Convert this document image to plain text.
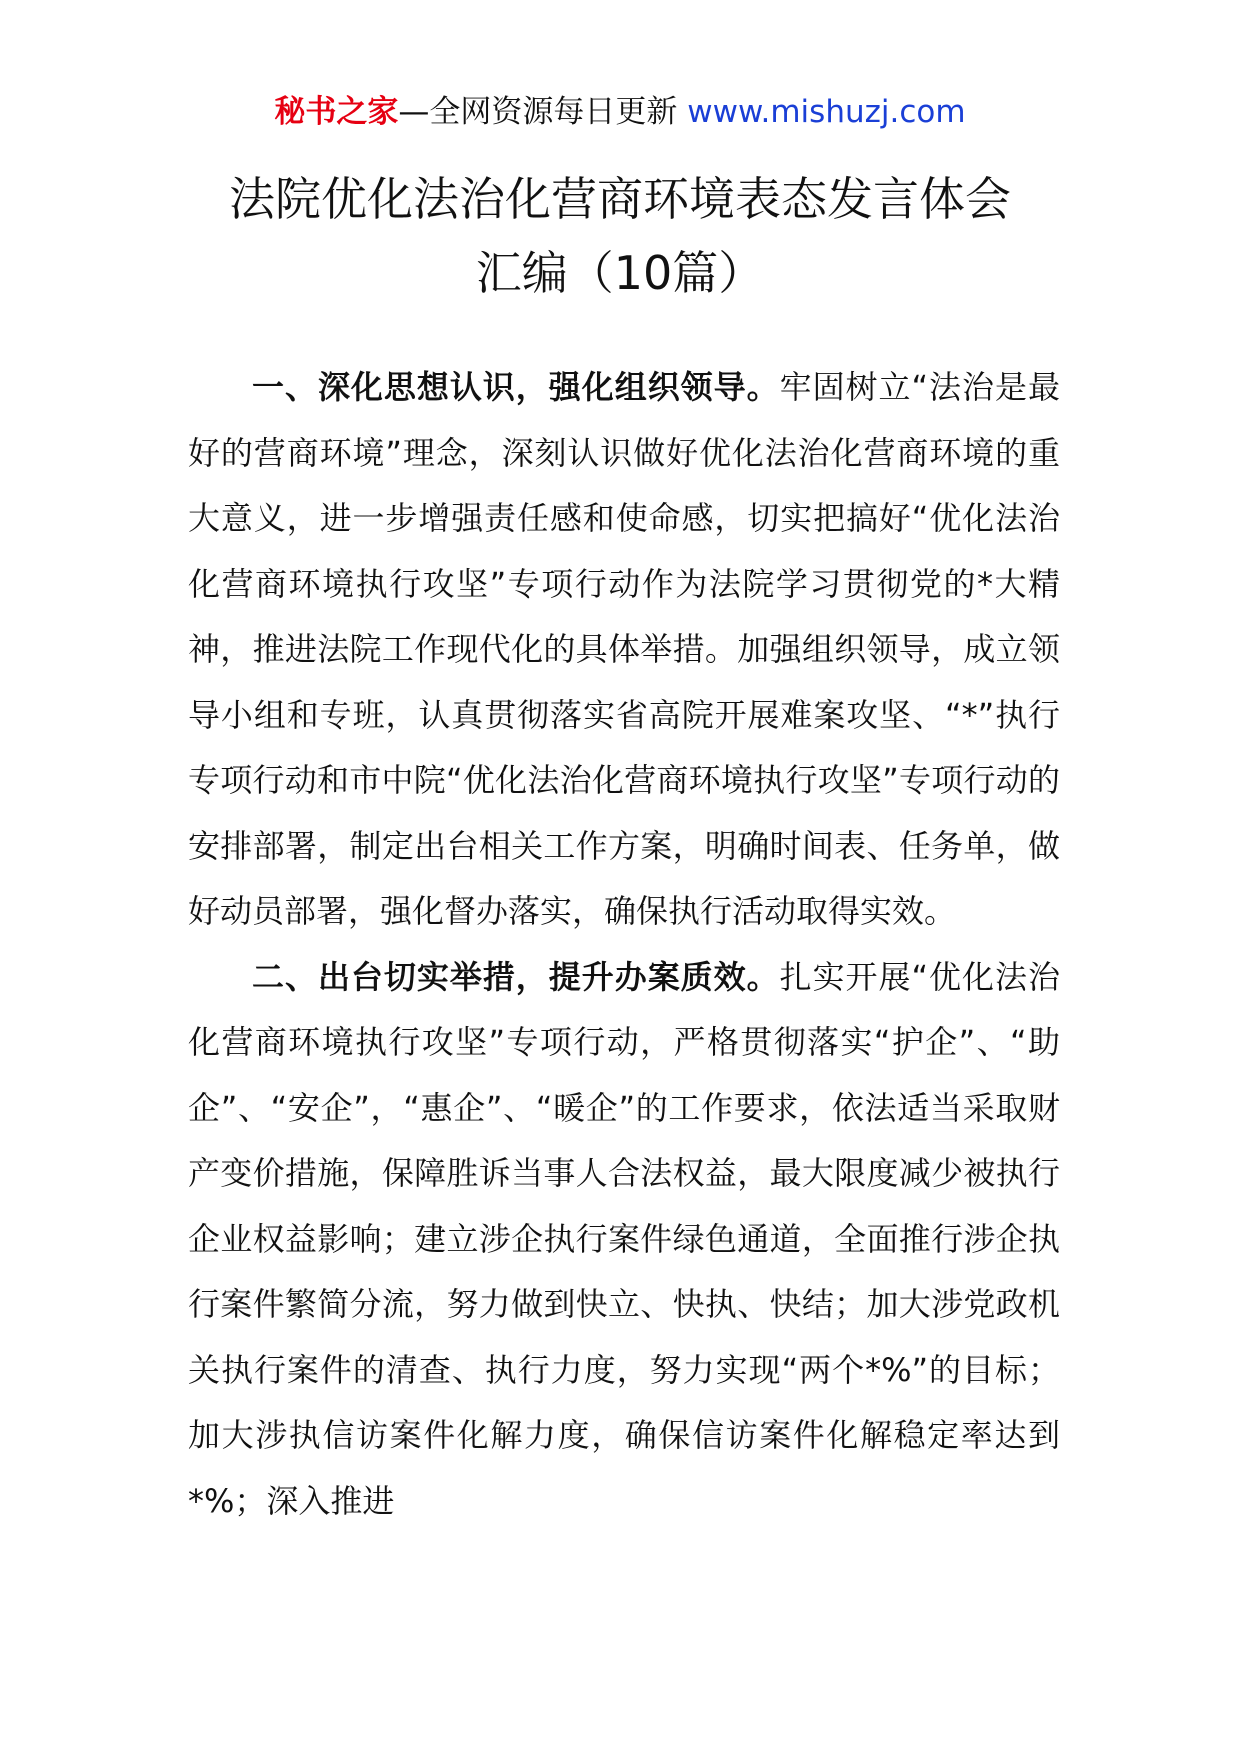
秘书之家—全网资源每日更新 www.mishuzj.com
法院优化法治化营商环境表态发言体会
汇编（10篇）

一、深化思想认识，强化组织领导。牢固树立“法治是最好的营商环境”理念，深刻认识做好优化法治化营商环境的重大意义，进一步增强责任感和使命感，切实把搞好“优化法治化营商环境执行攻坚”专项行动作为法院学习贯彻党的*大精神，推进法院工作现代化的具体举措。加强组织领导，成立领导小组和专班，认真贯彻落实省高院开展难案攻坚、“*”执行专项行动和市中院“优化法治化营商环境执行攻坚”专项行动的安排部署，制定出台相关工作方案，明确时间表、任务单，做好动员部署，强化督办落实，确保执行活动取得实效。

二、出台切实举措，提升办案质效。扎实开展“优化法治化营商环境执行攻坚”专项行动，严格贯彻落实“护企”、“助企”、“安企”，“惠企”、“暖企”的工作要求，依法适当采取财产变价措施，保障胜诉当事人合法权益，最大限度减少被执行企业权益影响；建立涉企执行案件绿色通道，全面推行涉企执行案件繁简分流，努力做到快立、快执、快结；加大涉党政机关执行案件的清查、执行力度，努力实现“两个*%”的目标；加大涉执信访案件化解力度，确保信访案件化解稳定率达到*%；深入推进
